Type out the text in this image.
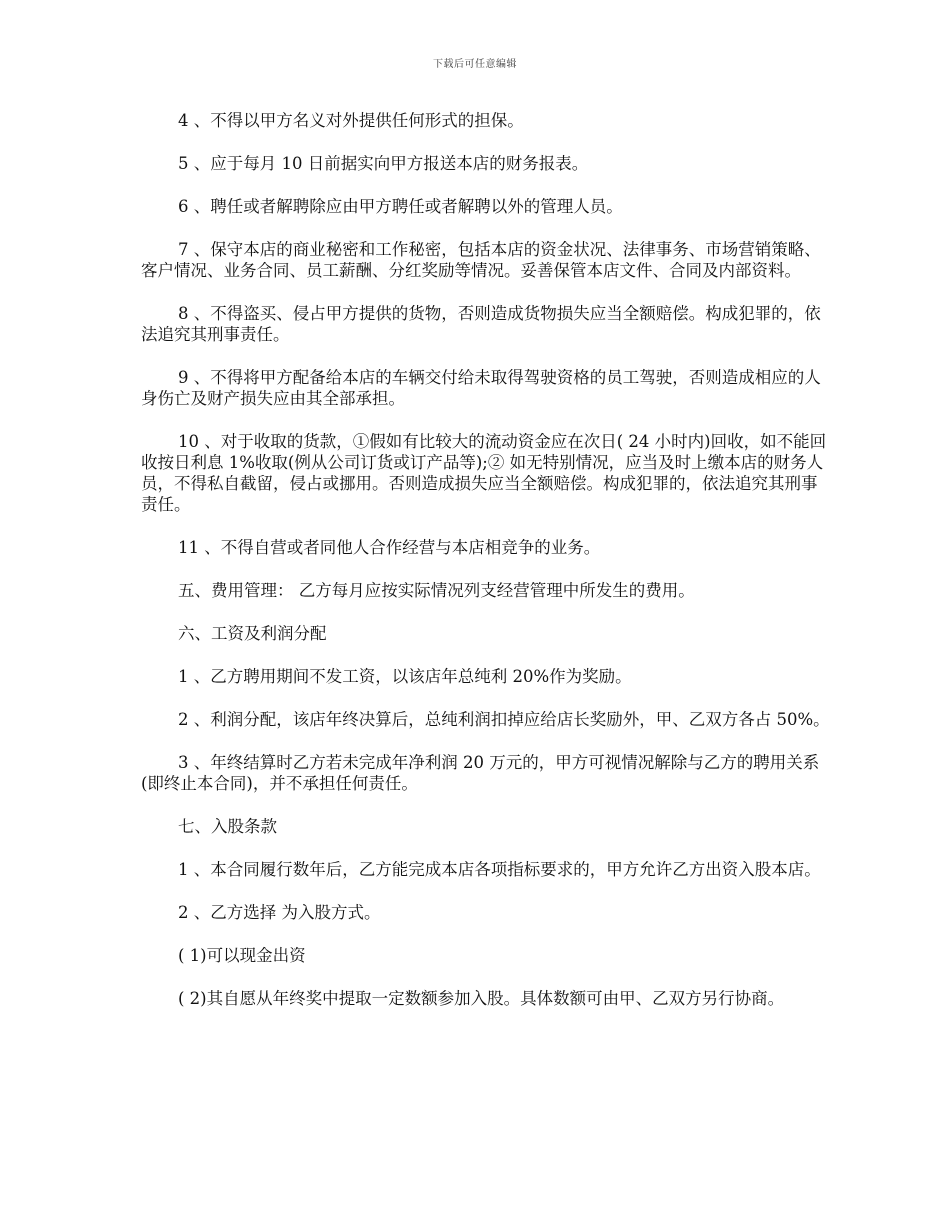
下载后可任意编辑

4 、不得以甲方名义对外提供任何形式的担保。

5 、应于每月 10 日前据实向甲方报送本店的财务报表。

6 、聘任或者解聘除应由甲方聘任或者解聘以外的管理人员。

7 、保守本店的商业秘密和工作秘密，包括本店的资金状况、法律事务、市场营销策略、客户情况、业务合同、员工薪酬、分红奖励等情况。妥善保管本店文件、合同及内部资料。

8 、不得盗买、侵占甲方提供的货物，否则造成货物损失应当全额赔偿。构成犯罪的，依法追究其刑事责任。

9 、不得将甲方配备给本店的车辆交付给未取得驾驶资格的员工驾驶，否则造成相应的人身伤亡及财产损失应由其全部承担。

10 、对于收取的货款，①假如有比较大的流动资金应在次日( 24 小时内)回收，如不能回收按日利息 1%收取(例从公司订货或订产品等);② 如无特别情况，应当及时上缴本店的财务人员，不得私自截留，侵占或挪用。否则造成损失应当全额赔偿。构成犯罪的，依法追究其刑事责任。

11 、不得自营或者同他人合作经营与本店相竞争的业务。

五、费用管理： 乙方每月应按实际情况列支经营管理中所发生的费用。

六、工资及利润分配

1 、乙方聘用期间不发工资，以该店年总纯利 20%作为奖励。

2 、利润分配，该店年终决算后，总纯利润扣掉应给店长奖励外，甲、乙双方各占 50%。

3 、年终结算时乙方若未完成年净利润 20 万元的，甲方可视情况解除与乙方的聘用关系(即终止本合同)，并不承担任何责任。

七、入股条款

1 、本合同履行数年后，乙方能完成本店各项指标要求的，甲方允许乙方出资入股本店。

2 、乙方选择 为入股方式。

( 1)可以现金出资

( 2)其自愿从年终奖中提取一定数额参加入股。具体数额可由甲、乙双方另行协商。
